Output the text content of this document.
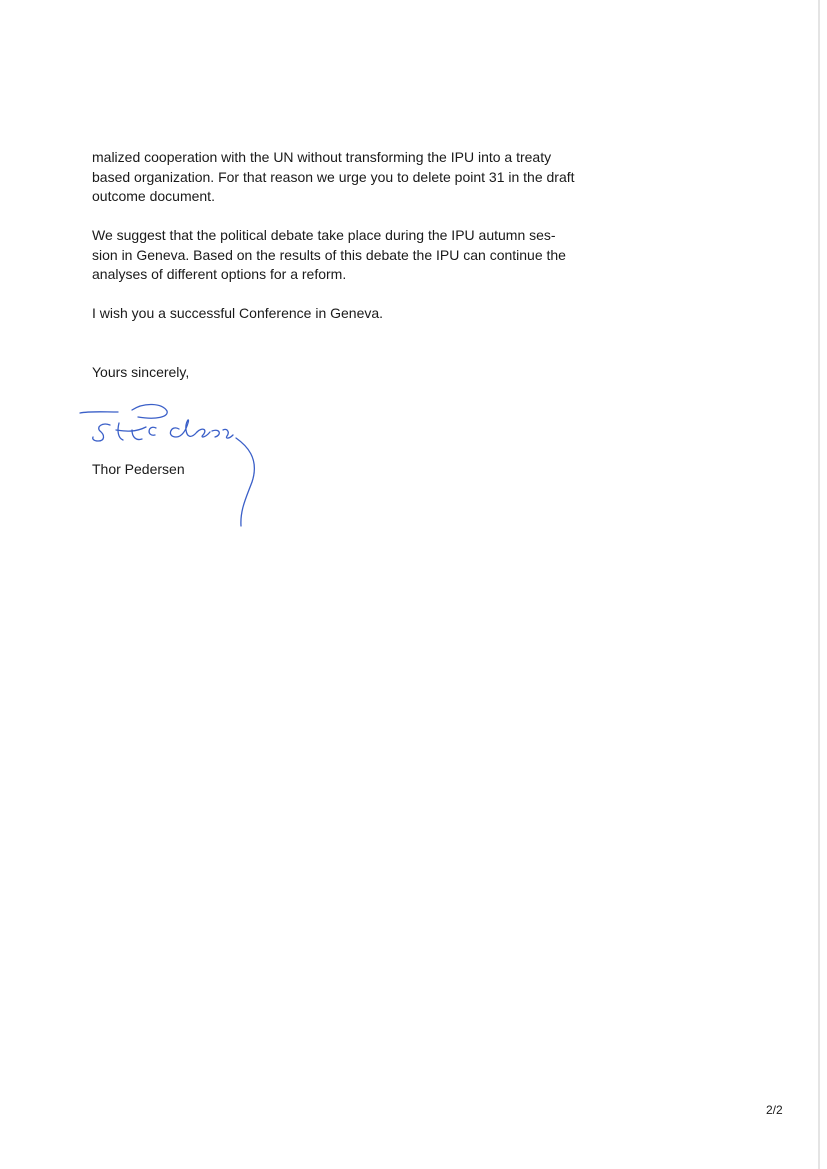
malized cooperation with the UN without transforming the IPU into a treaty
based organization. For that reason we urge you to delete point 31 in the draft
outcome document.

We suggest that the political debate take place during the IPU autumn ses-
sion in Geneva. Based on the results of this debate the IPU can continue the
analyses of different options for a reform.

I wish you a successful Conference in Geneva.

Yours sincerely,

Thor Pedersen

2/2
